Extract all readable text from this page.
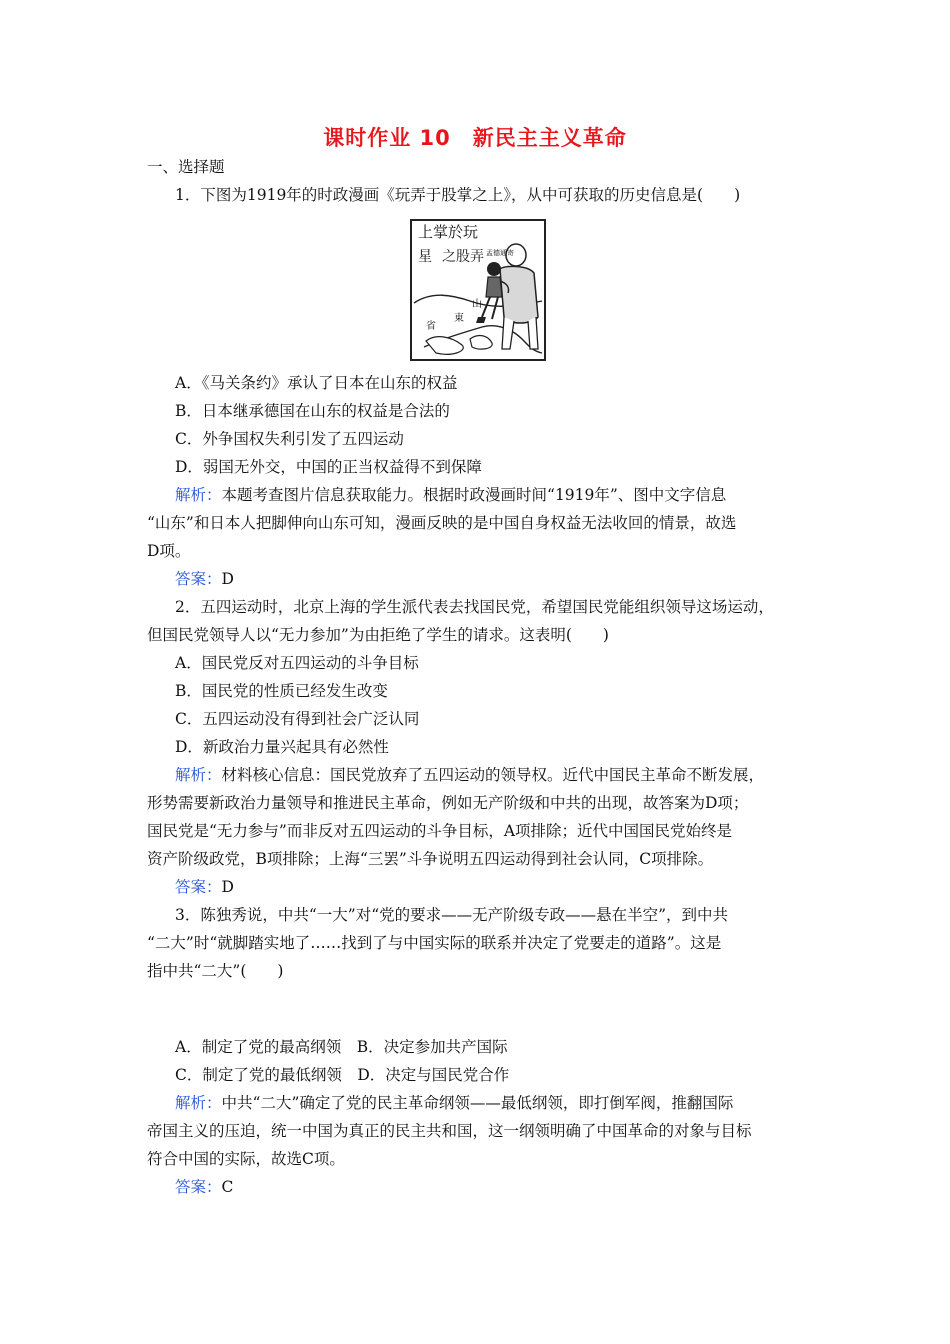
课时作业 10　新民主主义革命
一、选择题
1．下图为1919年的时政漫画《玩弄于股掌之上》，从中可获取的历史信息是(　　)
上掌於玩
星 之股弄 孟德通寄
山
東
省
A．《马关条约》承认了日本在山东的权益
B．日本继承德国在山东的权益是合法的
C．外争国权失利引发了五四运动
D．弱国无外交，中国的正当权益得不到保障
解析：本题考查图片信息获取能力。根据时政漫画时间“1919年”、图中文字信息
“山东”和日本人把脚伸向山东可知，漫画反映的是中国自身权益无法收回的情景，故选
D项。
答案：D
2．五四运动时，北京上海的学生派代表去找国民党，希望国民党能组织领导这场运动，
但国民党领导人以“无力参加”为由拒绝了学生的请求。这表明(　　)
A．国民党反对五四运动的斗争目标
B．国民党的性质已经发生改变
C．五四运动没有得到社会广泛认同
D．新政治力量兴起具有必然性
解析：材料核心信息：国民党放弃了五四运动的领导权。近代中国民主革命不断发展，
形势需要新政治力量领导和推进民主革命，例如无产阶级和中共的出现，故答案为D项；
国民党是“无力参与”而非反对五四运动的斗争目标，A项排除；近代中国国民党始终是
资产阶级政党，B项排除；上海“三罢”斗争说明五四运动得到社会认同，C项排除。
答案：D
3．陈独秀说，中共“一大”对“党的要求——无产阶级专政——悬在半空”，到中共
“二大”时“就脚踏实地了……找到了与中国实际的联系并决定了党要走的道路”。这是
指中共“二大”(　　)
A．制定了党的最高纲领　B．决定参加共产国际
C．制定了党的最低纲领　D．决定与国民党合作
解析：中共“二大”确定了党的民主革命纲领——最低纲领，即打倒军阀，推翻国际
帝国主义的压迫，统一中国为真正的民主共和国，这一纲领明确了中国革命的对象与目标
符合中国的实际，故选C项。
答案：C
